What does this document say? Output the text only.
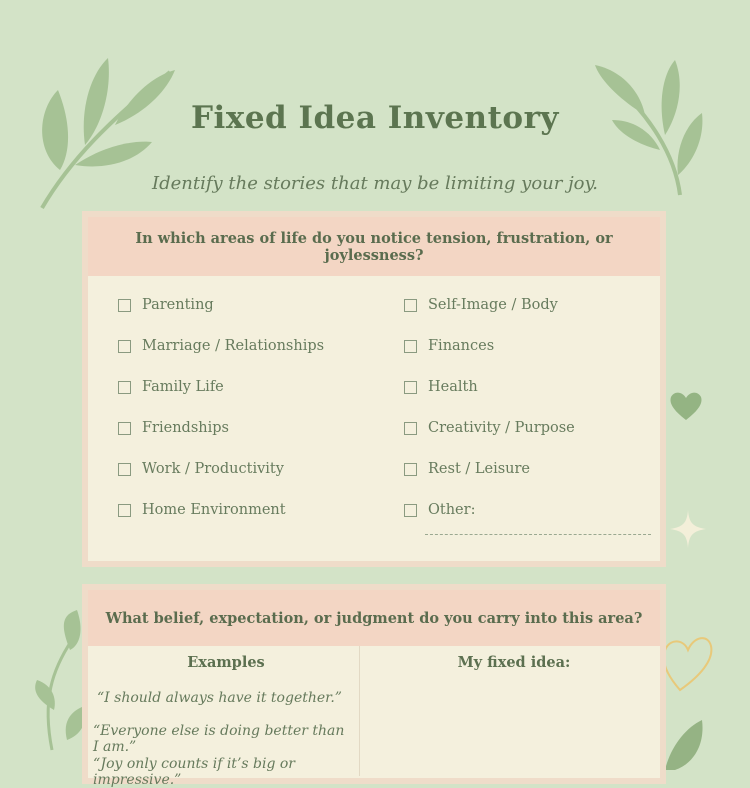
Fixed Idea Inventory
Identify the stories that may be limiting your joy.
In which areas of life do you notice tension, frustration, or joylessness?
Parenting
Marriage / Relationships
Family Life
Friendships
Work / Productivity
Home Environment
Self-Image / Body
Finances
Health
Creativity / Purpose
Rest / Leisure
Other:
What belief, expectation, or judgment do you carry into this area?
Examples	My fixed idea:
“I should always have it together.”
“Everyone else is doing better than I am.”
“Joy only counts if it’s big or impressive.”
